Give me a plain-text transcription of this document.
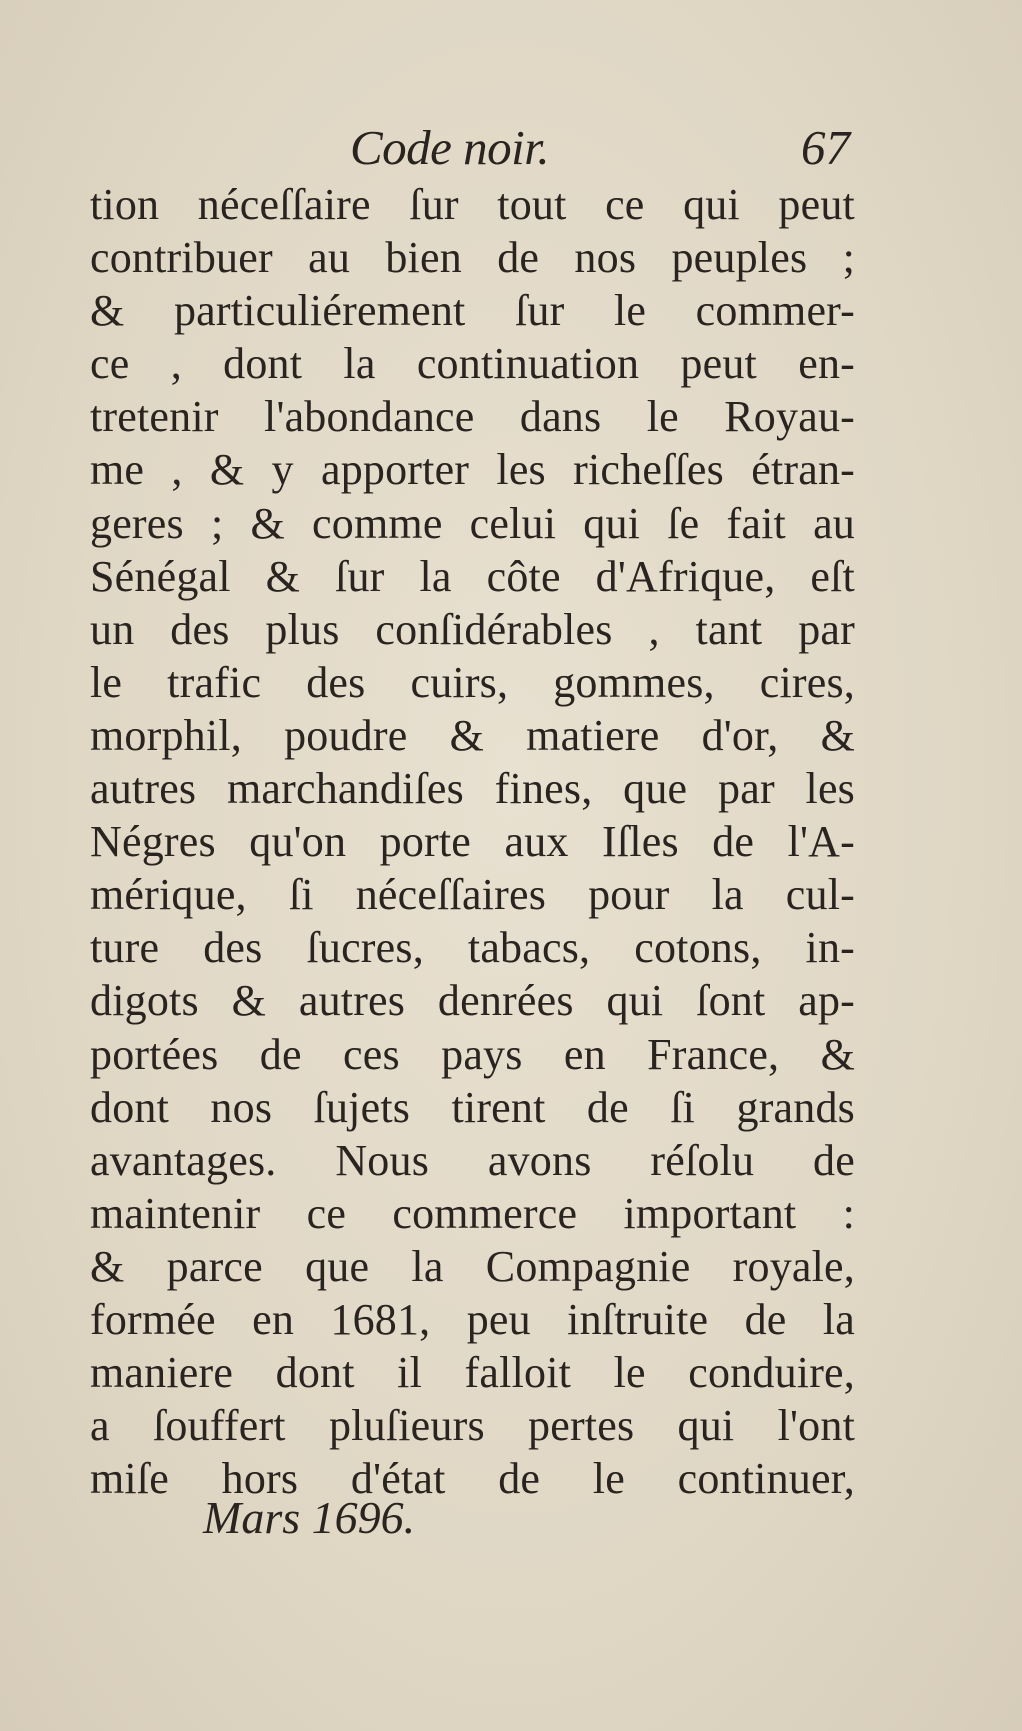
Code noir.	67
tion néceſſaire ſur tout ce qui peut
contribuer au bien de nos peuples ;
& particuliérement ſur le commer-
ce , dont la continuation peut en-
tretenir l'abondance dans le Royau-
me , & y apporter les richeſſes étran-
geres ; & comme celui qui ſe fait au
Sénégal & ſur la côte d'Afrique, eſt
un des plus conſidérables , tant par
le trafic des cuirs, gommes, cires,
morphil, poudre & matiere d'or, &
autres marchandiſes fines, que par les
Négres qu'on porte aux Iſles de l'A-
mérique, ſi néceſſaires pour la cul-
ture des ſucres, tabacs, cotons, in-
digots & autres denrées qui ſont ap-
portées de ces pays en France, &
dont nos ſujets tirent de ſi grands
avantages. Nous avons réſolu de
maintenir ce commerce important :
& parce que la Compagnie royale,
formée en 1681, peu inſtruite de la
maniere dont il falloit le conduire,
a ſouffert pluſieurs pertes qui l'ont
miſe hors d'état de le continuer,
Mars 1696.
